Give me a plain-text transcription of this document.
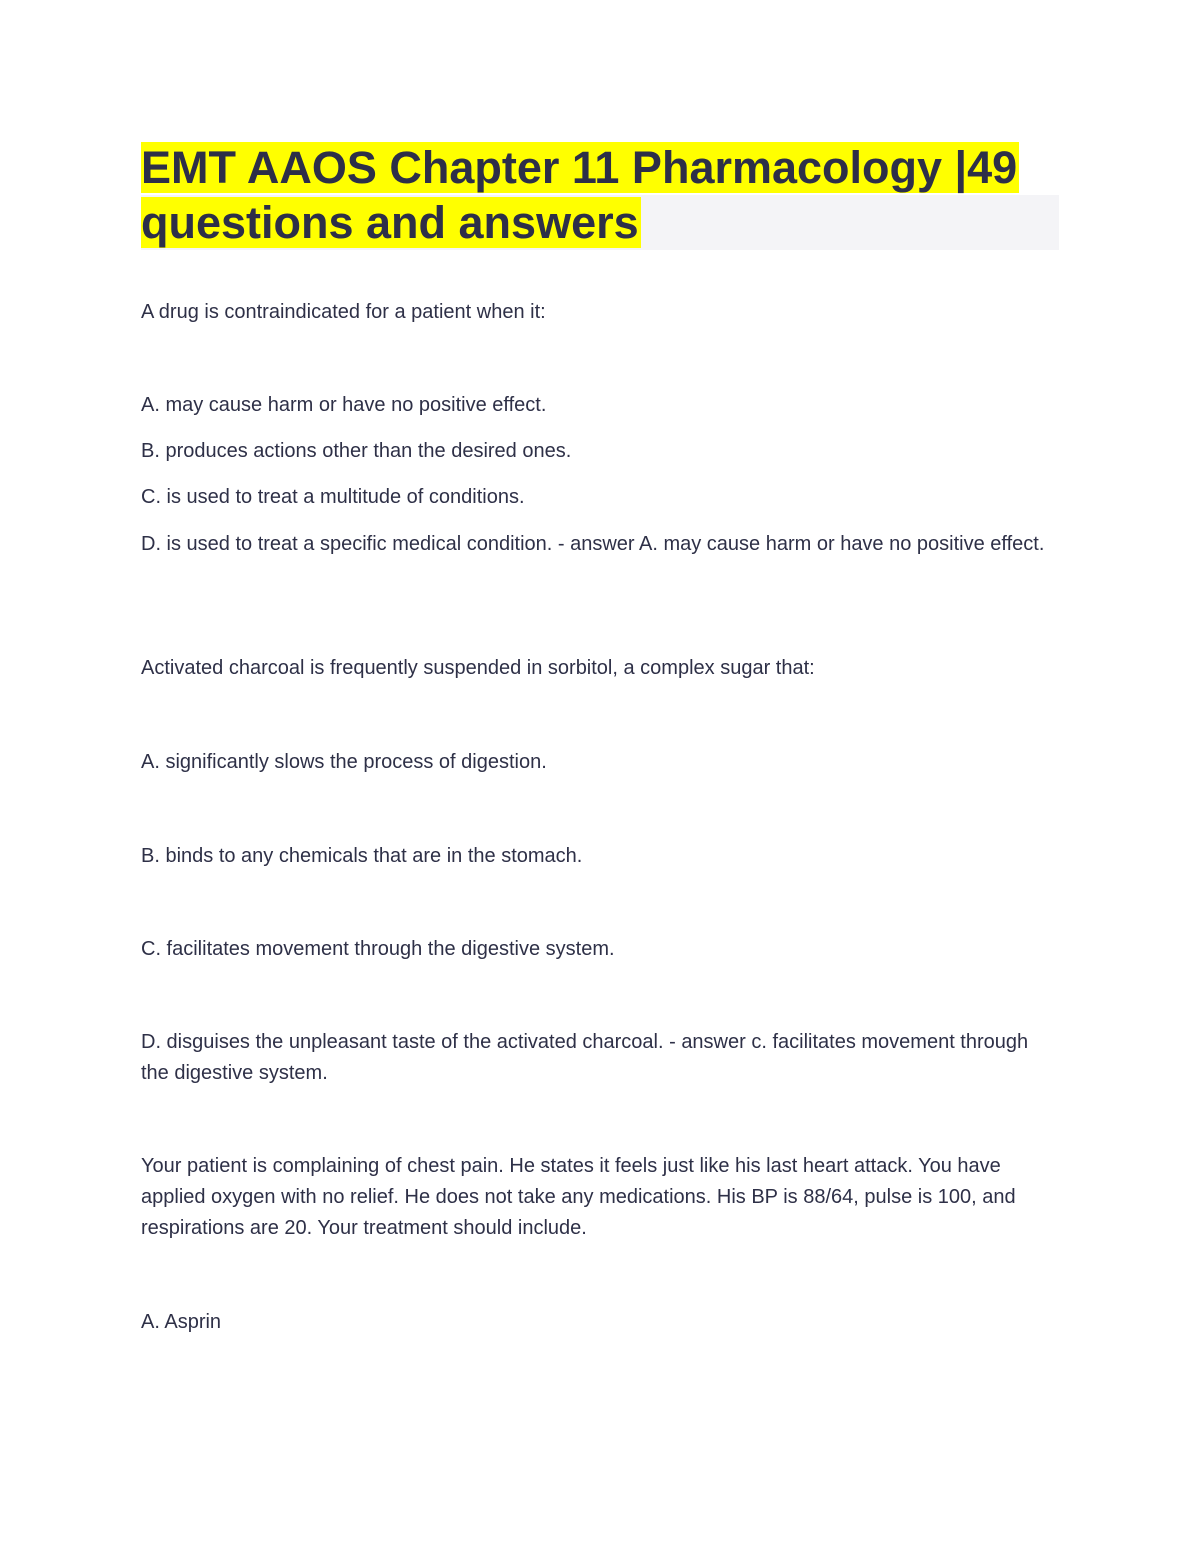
EMT AAOS Chapter 11 Pharmacology |49
questions and answers

A drug is contraindicated for a patient when it:

A. may cause harm or have no positive effect.

B. produces actions other than the desired ones.

C. is used to treat a multitude of conditions.

D. is used to treat a specific medical condition. - answer A. may cause harm or have no positive effect.

Activated charcoal is frequently suspended in sorbitol, a complex sugar that:

A. significantly slows the process of digestion.

B. binds to any chemicals that are in the stomach.

C. facilitates movement through the digestive system.

D. disguises the unpleasant taste of the activated charcoal. - answer c. facilitates movement through the digestive system.

Your patient is complaining of chest pain. He states it feels just like his last heart attack. You have applied oxygen with no relief. He does not take any medications. His BP is 88/64, pulse is 100, and respirations are 20. Your treatment should include.

A. Asprin
